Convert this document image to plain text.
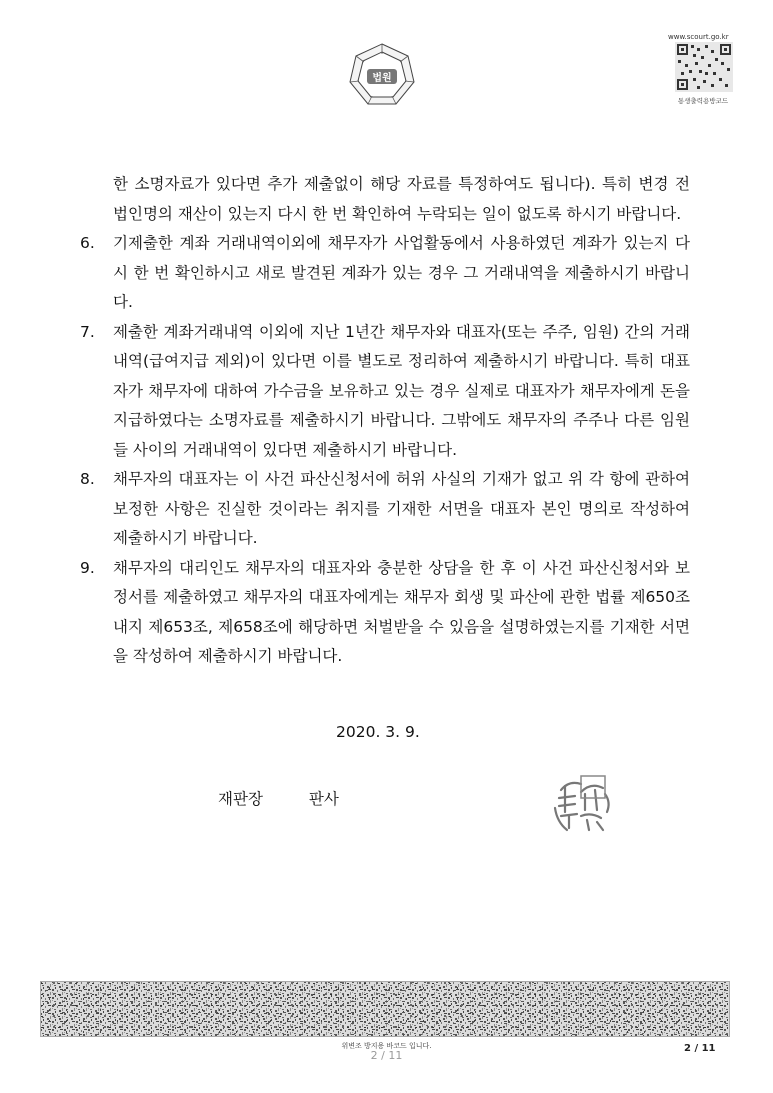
법원
www.scourt.go.kr
통생출력용방코드

한 소명자료가 있다면 추가 제출없이 해당 자료를 특정하여도 됩니다). 특히 변경 전 법인명의 재산이 있는지 다시 한 번 확인하여 누락되는 일이 없도록 하시기 바랍니다.

6.	기제출한 계좌 거래내역이외에 채무자가 사업활동에서 사용하였던 계좌가 있는지 다시 한 번 확인하시고 새로 발견된 계좌가 있는 경우 그 거래내역을 제출하시기 바랍니다.
7.	제출한 계좌거래내역 이외에 지난 1년간 채무자와 대표자(또는 주주, 임원) 간의 거래내역(급여지급 제외)이 있다면 이를 별도로 정리하여 제출하시기 바랍니다. 특히 대표자가 채무자에 대하여 가수금을 보유하고 있는 경우 실제로 대표자가 채무자에게 돈을 지급하였다는 소명자료를 제출하시기 바랍니다. 그밖에도 채무자의 주주나 다른 임원들 사이의 거래내역이 있다면 제출하시기 바랍니다.
8.	채무자의 대표자는 이 사건 파산신청서에 허위 사실의 기재가 없고 위 각 항에 관하여 보정한 사항은 진실한 것이라는 취지를 기재한 서면을 대표자 본인 명의로 작성하여 제출하시기 바랍니다.
9.	채무자의 대리인도 채무자의 대표자와 충분한 상담을 한 후 이 사건 파산신청서와 보정서를 제출하였고 채무자의 대표자에게는 채무자 회생 및 파산에 관한 법률 제650조 내지 제653조, 제658조에 해당하면 처벌받을 수 있음을 설명하였는지를 기재한 서면을 작성하여 제출하시기 바랍니다.
2020. 3. 9.
재판장	판사
위변조 방지용 바코드 입니다.
2 / 11
2 / 11
